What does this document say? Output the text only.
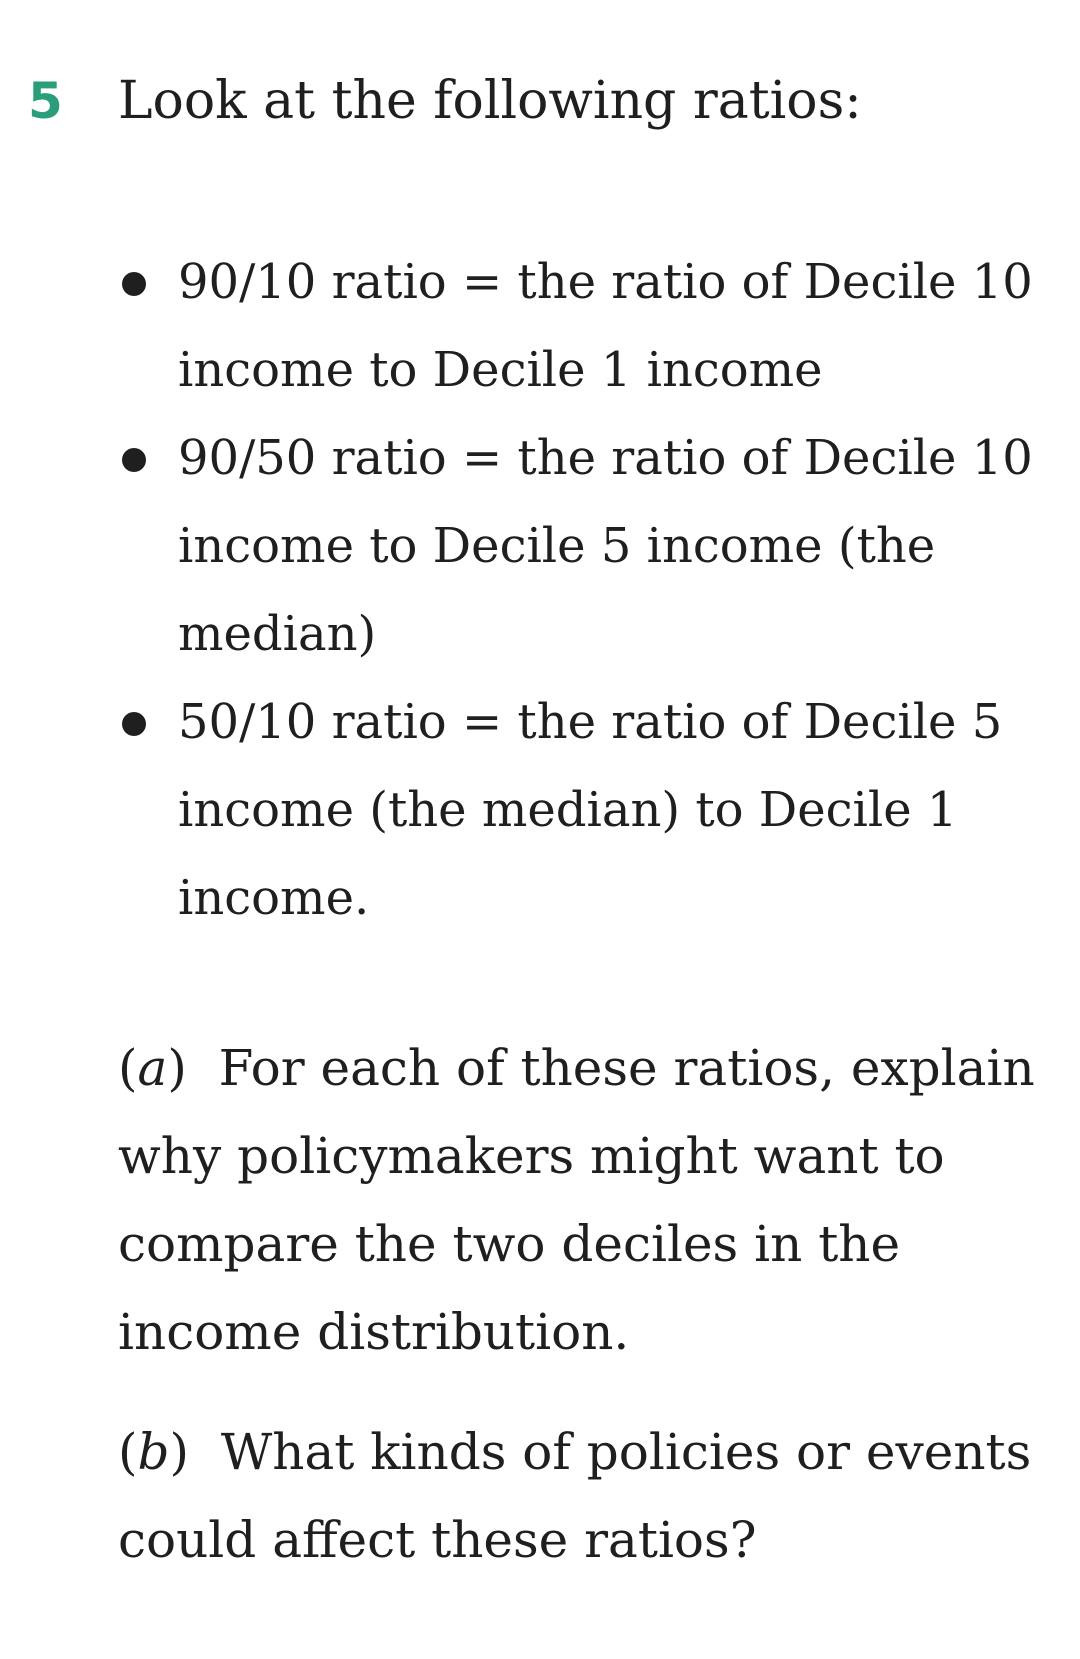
5 Look at the following ratios:
90/10 ratio = the ratio of Decile 10 income to Decile 1 income
90/50 ratio = the ratio of Decile 10 income to Decile 5 income (the median)
50/10 ratio = the ratio of Decile 5 income (the median) to Decile 1 income.

(a) For each of these ratios, explain why policymakers might want to compare the two deciles in the income distribution.

(b) What kinds of policies or events could affect these ratios?
